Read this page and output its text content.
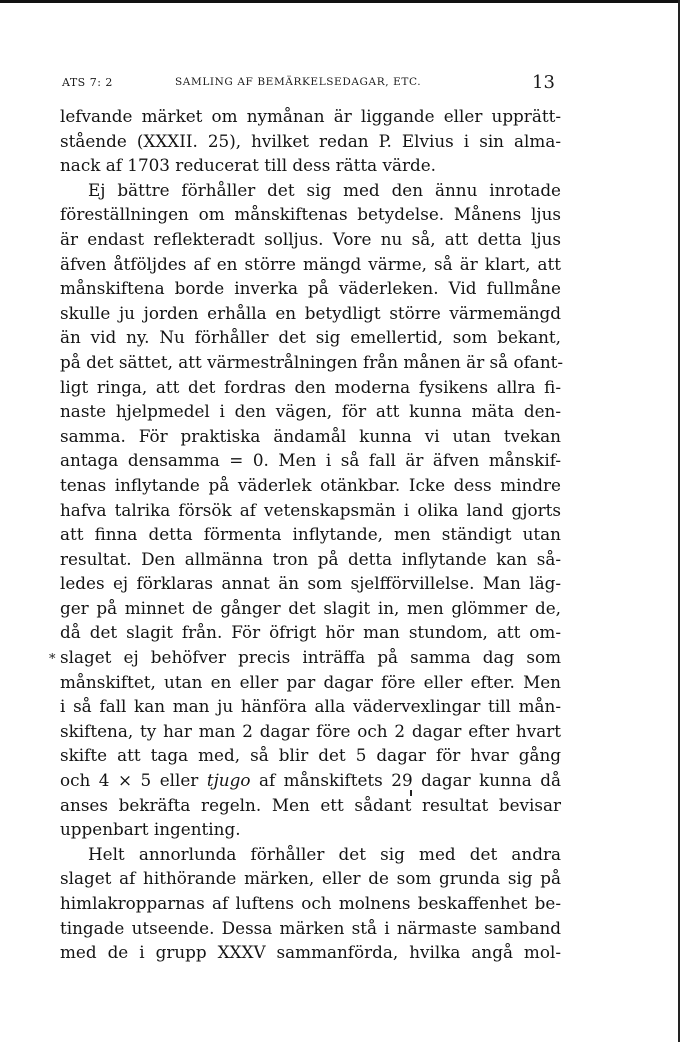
ATS 7: 2	SAMLING AF BEMÄRKELSEDAGAR, ETC.	13
*
lefvande märket om nymånan är liggande eller upprätt-
stående (XXXII. 25), hvilket redan P. Elvius i sin alma-
nack af 1703 reducerat till dess rätta värde.
Ej bättre förhåller det sig med den ännu inrotade
föreställningen om månskiftenas betydelse. Månens ljus
är endast reflekteradt solljus. Vore nu så, att detta ljus
äfven åtföljdes af en större mängd värme, så är klart, att
månskiftena borde inverka på väderleken. Vid fullmåne
skulle ju jorden erhålla en betydligt större värmemängd
än vid ny. Nu förhåller det sig emellertid, som bekant,
på det sättet, att värmestrålningen från månen är så ofant-
ligt ringa, att det fordras den moderna fysikens allra fi-
naste hjelpmedel i den vägen, för att kunna mäta den-
samma. För praktiska ändamål kunna vi utan tvekan
antaga densamma = 0. Men i så fall är äfven månskif-
tenas inflytande på väderlek otänkbar. Icke dess mindre
hafva talrika försök af vetenskapsmän i olika land gjorts
att finna detta förmenta inflytande, men ständigt utan
resultat. Den allmänna tron på detta inflytande kan så-
ledes ej förklaras annat än som sjelfförvillelse. Man läg-
ger på minnet de gånger det slagit in, men glömmer de,
då det slagit från. För öfrigt hör man stundom, att om-
slaget ej behöfver precis inträffa på samma dag som
månskiftet, utan en eller par dagar före eller efter. Men
i så fall kan man ju hänföra alla vädervexlingar till mån-
skiftena, ty har man 2 dagar före och 2 dagar efter hvart
skifte att taga med, så blir det 5 dagar för hvar gång
och 4 × 5 eller tjugo af månskiftets 29 dagar kunna då
anses bekräfta regeln. Men ett sådant resultat bevisar
uppenbart ingenting.
Helt annorlunda förhåller det sig med det andra
slaget af hithörande märken, eller de som grunda sig på
himlakropparnas af luftens och molnens beskaffenhet be-
tingade utseende. Dessa märken stå i närmaste samband
med de i grupp XXXV sammanförda, hvilka angå mol-
